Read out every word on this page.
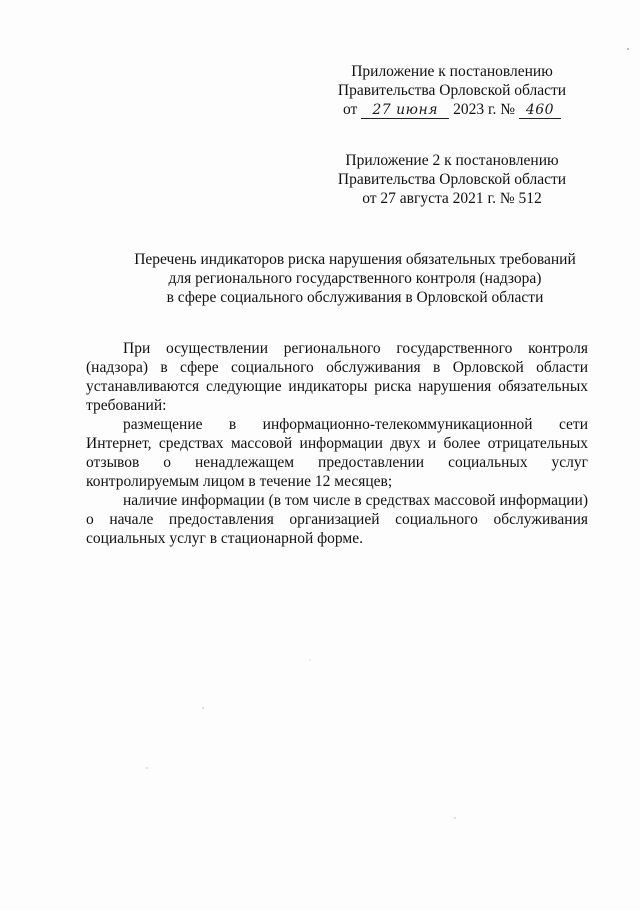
Приложение к постановлению
Правительства Орловской области
от 27 июня 2023 г. № 460
Приложение 2 к постановлению
Правительства Орловской области
от 27 августа 2021 г. № 512
Перечень индикаторов риска нарушения обязательных требований
для регионального государственного контроля (надзора)
в сфере социального обслуживания в Орловской области

При осуществлении регионального государственного контроля (надзора) в сфере социального обслуживания в Орловской области устанавливаются следующие индикаторы риска нарушения обязательных требований:

размещение в информационно-телекоммуникационной сети Интернет, средствах массовой информации двух и более отрицательных отзывов о ненадлежащем предоставлении социальных услуг контролируемым лицом в течение 12 месяцев;

наличие информации (в том числе в средствах массовой информации) о начале предоставления организацией социального обслуживания социальных услуг в стационарной форме.
